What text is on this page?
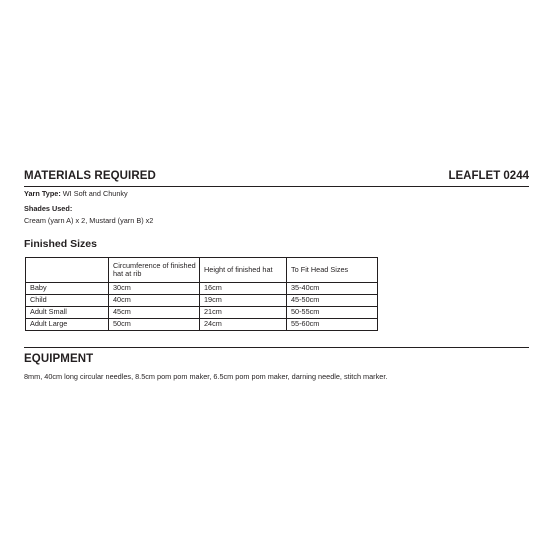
MATERIALS REQUIRED	LEAFLET 0244
Yarn Type: WI Soft and Chunky
Shades Used:
Cream (yarn A) x 2, Mustard (yarn B) x2
Finished Sizes
	Circumference of finished hat at rib	Height of finished hat	To Fit Head Sizes
Baby	30cm	16cm	35-40cm
Child	40cm	19cm	45-50cm
Adult Small	45cm	21cm	50-55cm
Adult Large	50cm	24cm	55-60cm
EQUIPMENT
8mm, 40cm long circular needles, 8.5cm pom pom maker, 6.5cm pom pom maker, darning needle, stitch marker.
